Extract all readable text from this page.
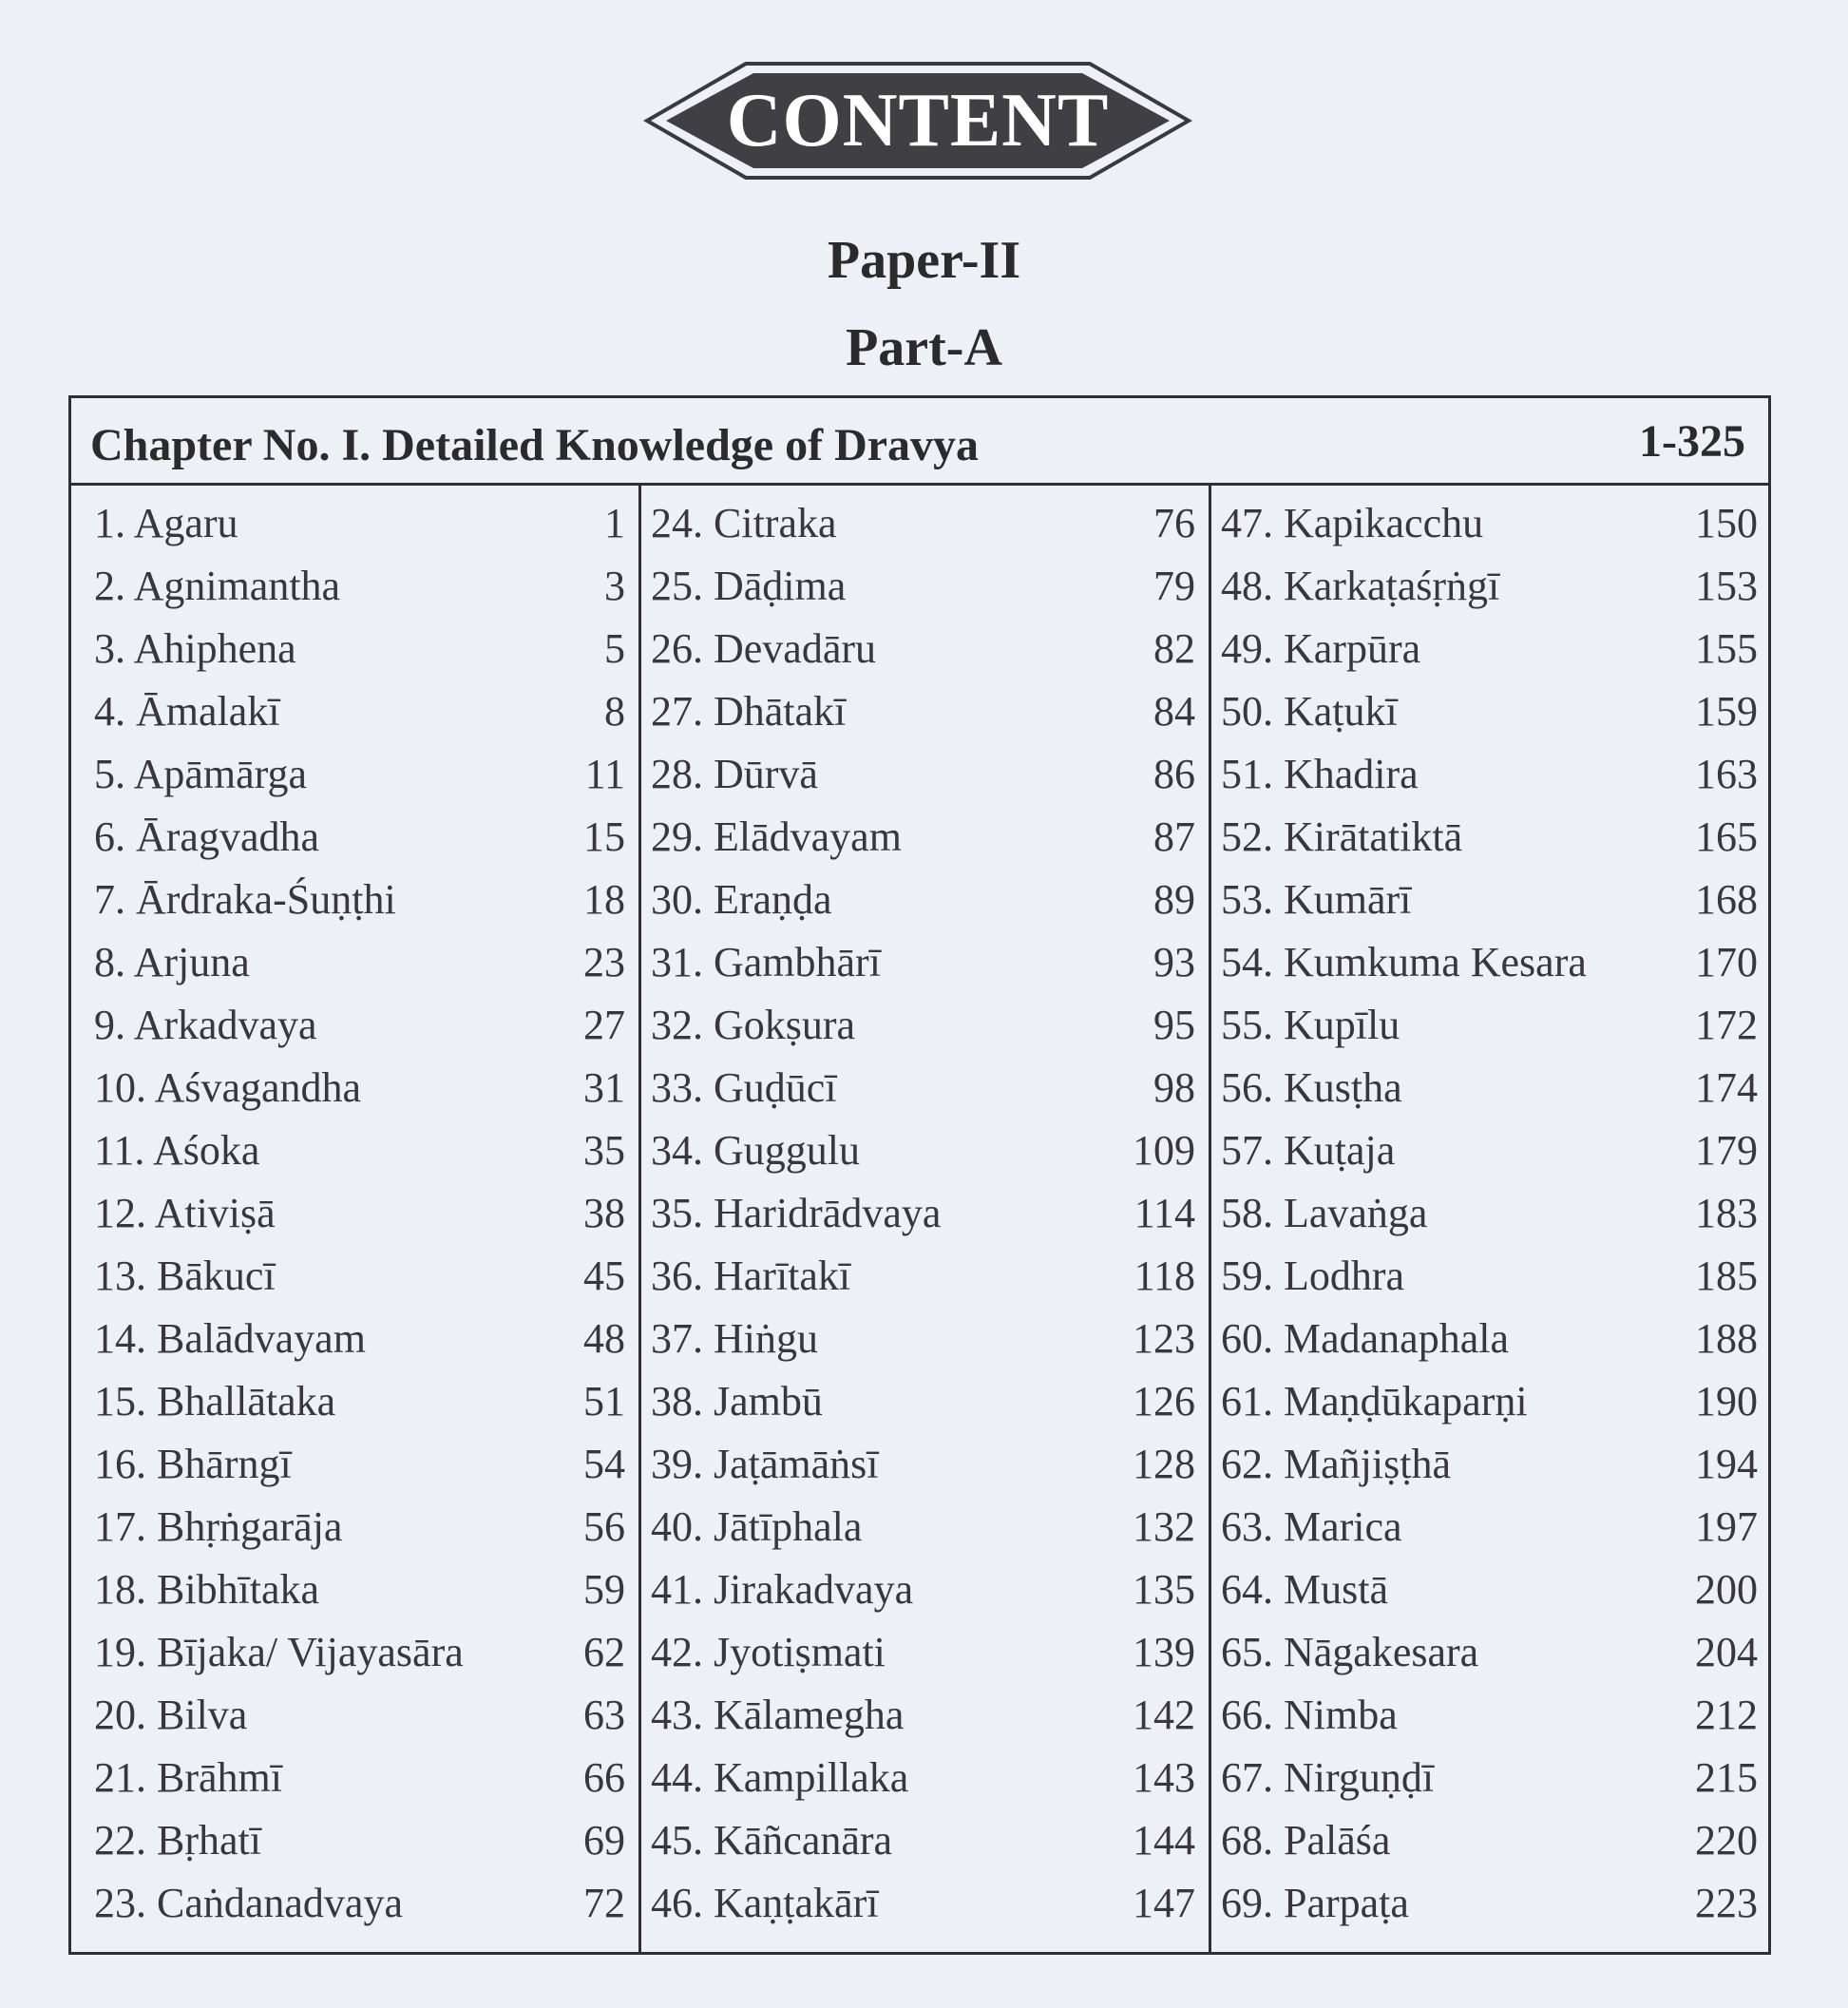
CONTENT
Paper-II
Part-A
Chapter No. I. Detailed Knowledge of Dravya	1-325
1. Agaru	1
2. Agnimantha	3
3. Ahiphena	5
4. Āmalakī	8
5. Apāmārga	11
6. Āragvadha	15
7. Ārdraka-Śuṇṭhi	18
8. Arjuna	23
9. Arkadvaya	27
10. Aśvagandha	31
11. Aśoka	35
12. Ativiṣā	38
13. Bākucī	45
14. Balādvayam	48
15. Bhallātaka	51
16. Bhārngī	54
17. Bhṛṅgarāja	56
18. Bibhītaka	59
19. Bījaka/ Vijayasāra	62
20. Bilva	63
21. Brāhmī	66
22. Bṛhatī	69
23. Caṅdanadvaya	72
24. Citraka	76
25. Dāḍima	79
26. Devadāru	82
27. Dhātakī	84
28. Dūrvā	86
29. Elādvayam	87
30. Eraṇḍa	89
31. Gambhārī	93
32. Gokṣura	95
33. Guḍūcī	98
34. Guggulu	109
35. Haridrādvaya	114
36. Harītakī	118
37. Hiṅgu	123
38. Jambū	126
39. Jaṭāmāṅsī	128
40. Jātīphala	132
41. Jirakadvaya	135
42. Jyotiṣmati	139
43. Kālamegha	142
44. Kampillaka	143
45. Kāñcanāra	144
46. Kaṇṭakārī	147
47. Kapikacchu	150
48. Karkaṭaśṛṅgī	153
49. Karpūra	155
50. Kaṭukī	159
51. Khadira	163
52. Kirātatiktā	165
53. Kumārī	168
54. Kumkuma Kesara	170
55. Kupīlu	172
56. Kusṭha	174
57. Kuṭaja	179
58. Lavaṅga	183
59. Lodhra	185
60. Madanaphala	188
61. Maṇḍūkaparṇi	190
62. Mañjiṣṭhā	194
63. Marica	197
64. Mustā	200
65. Nāgakesara	204
66. Nimba	212
67. Nirguṇḍī	215
68. Palāśa	220
69. Parpaṭa	223
